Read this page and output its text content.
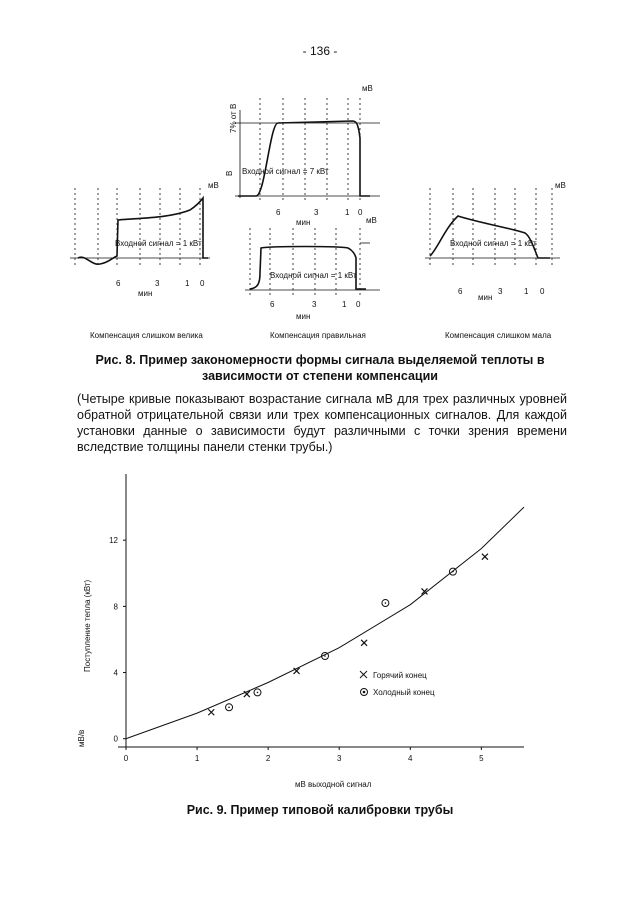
- 136 -
мВ
В
7% от В
Входной сигнал = 7 кВт
6	3	1 0
мин
мВ
Входной сигнал = 1 кВт
6	3	1 0
мин
Компенсация слишком велика
мВ
Входной сигнал = 1 кВт
6	3	1 0
мин
Компенсация правильная
мВ
Входной сигнал = 1 кВт
6	3	1 0
мин
Компенсация слишком мала
Рис. 8. Пример закономерности формы сигнала выделяемой теплоты в
зависимости от степени компенсации
(Четыре кривые показывают возрастание сигнала мВ для трех различных уровней обратной отрицательной связи или трех компенсационных сигналов. Для каждой установки данные о зависимости будут различными с точки зрения времени вследствие толщины панели стенки трубы.)
0
4
8
12
0	1	2	3	4	5
мВ/в
Поступление тепла (кВт)
мВ выходной сигнал
Горячий конец
Холодный конец
Рис. 9. Пример типовой калибровки трубы
